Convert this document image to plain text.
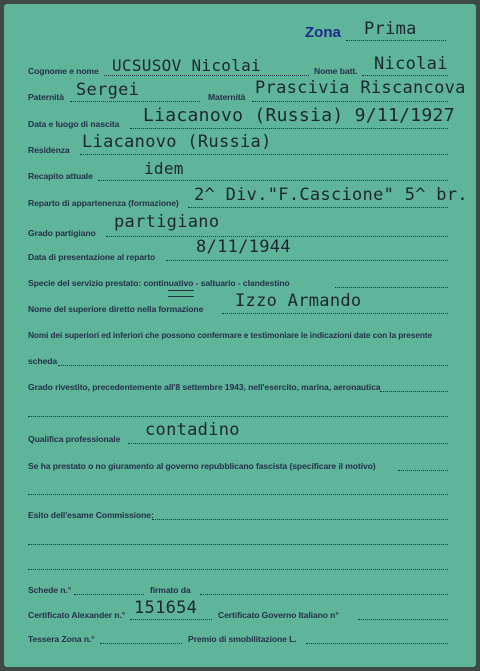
Zona Prima
Cognome e nome UCSUSOV Nicolai	Nome batt. Nicolai
Paternità Sergei	Maternità Prascivia Riscancova
Data e luogo di nascita Liacanovo (Russia) 9/11/1927
Residenza Liacanovo (Russia)
Recapito attuale	idem
Reparto di appartenenza (formazione) 2^ Div."F.Cascione" 5^ br.
Grado partigiano
partigiano
Data di presentazione al reparto 8/11/1944
Specie del servizio prestato: continuativo - saltuario - clandestino
Nome del superiore diretto nella formazione Izzo Armando
Nomi dei superiori ed inferiori che possono confermare e testimoniare le indicazioni date con la presente
scheda
Grado rivestito, precedentemente all'8 settembre 1943, nell'esercito, marina, aeronautica
Qualifica professionale contadino
Se ha prestato o no giuramento al governo repubblicano fascista (specificare il motivo)
Esito dell'esame Commissione:
Schede n.°	firmato da
Certificato Alexander n.° 151654 Certificato Governo Italiano n°
Tessera Zona n.°	Premio di smobilitazione L.
